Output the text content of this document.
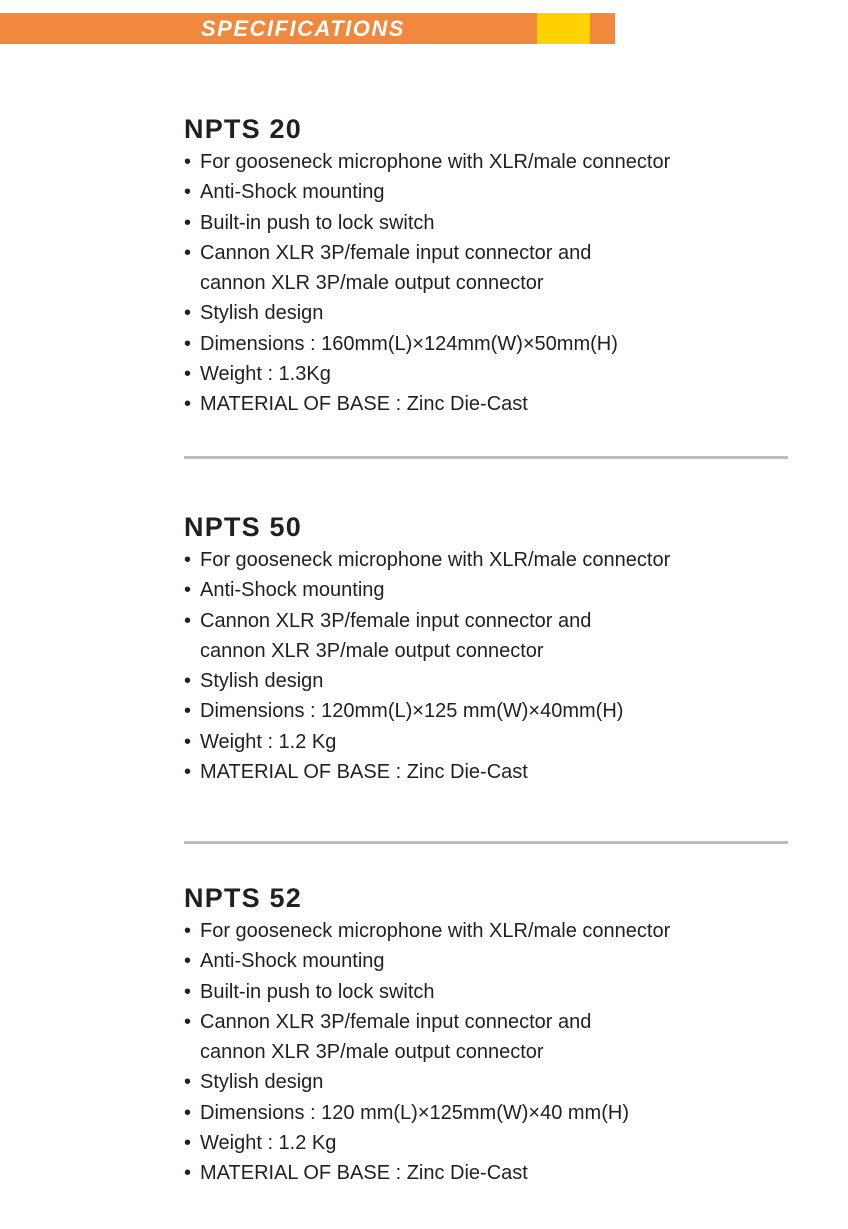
SPECIFICATIONS
NPTS 20
• For gooseneck microphone with XLR/male connector
• Anti-Shock mounting
• Built-in push to lock switch
• Cannon XLR 3P/female input connector and
cannon XLR 3P/male output connector
• Stylish design
• Dimensions : 160mm(L)×124mm(W)×50mm(H)
• Weight : 1.3Kg
• MATERIAL OF BASE : Zinc Die-Cast
NPTS 50
• For gooseneck microphone with XLR/male connector
• Anti-Shock mounting
• Cannon XLR 3P/female input connector and
cannon XLR 3P/male output connector
• Stylish design
• Dimensions : 120mm(L)×125 mm(W)×40mm(H)
• Weight : 1.2 Kg
• MATERIAL OF BASE : Zinc Die-Cast
NPTS 52
• For gooseneck microphone with XLR/male connector
• Anti-Shock mounting
• Built-in push to lock switch
• Cannon XLR 3P/female input connector and
cannon XLR 3P/male output connector
• Stylish design
• Dimensions : 120 mm(L)×125mm(W)×40 mm(H)
• Weight : 1.2 Kg
• MATERIAL OF BASE : Zinc Die-Cast
